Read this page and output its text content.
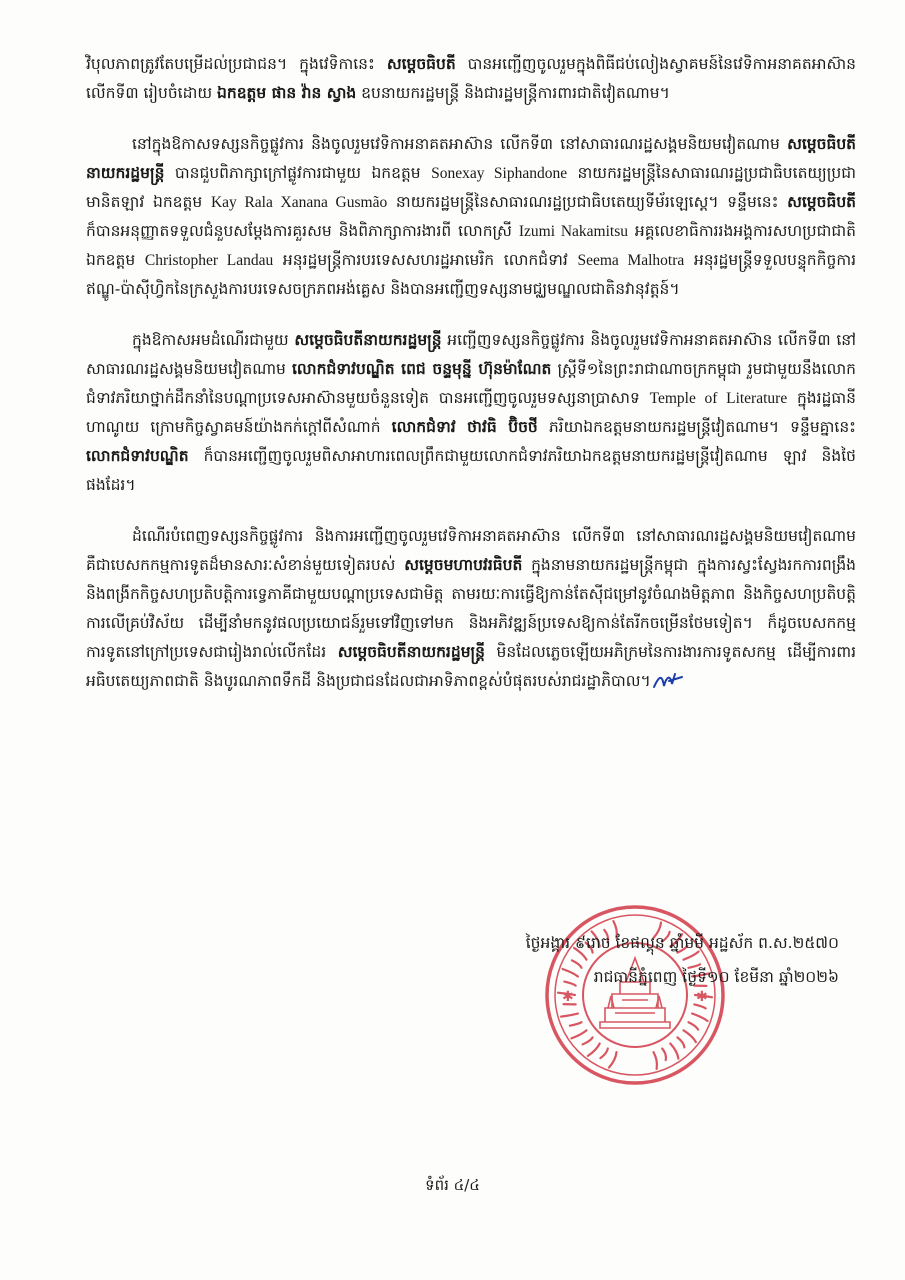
វិបុលភាពត្រូវតែបម្រើដល់ប្រជាជន។ ក្នុងវេទិកានេះ សម្តេចធិបតី បានអញ្ជើញចូលរួមក្នុងពិធីជប់លៀងស្វាគមន៍នៃវេទិកាអនាគតអាស៊ាន លើកទី៣ រៀបចំដោយ ឯកឧត្តម ផាន វ៉ាន ស្វាង ឧបនាយករដ្ឋមន្ត្រី និងជារដ្ឋមន្ត្រីការពារជាតិវៀតណាម។

នៅក្នុងឱកាសទស្សនកិច្ចផ្លូវការ និងចូលរួមវេទិកាអនាគតអាស៊ាន លើកទី៣ នៅសាធារណរដ្ឋសង្គមនិយមវៀតណាម សម្តេចធិបតីនាយករដ្ឋមន្ត្រី បានជួបពិភាក្សាក្រៅផ្លូវការជាមួយ ឯកឧត្តម Sonexay Siphandone នាយករដ្ឋមន្ត្រីនៃសាធារណរដ្ឋប្រជាធិបតេយ្យប្រជាមានិតឡាវ ឯកឧត្តម Kay Rala Xanana Gusmão នាយករដ្ឋមន្ត្រីនៃសាធារណរដ្ឋប្រជាធិបតេយ្យទីម័រឡេស្តេ។ ទន្ទឹមនេះ សម្តេចធិបតី ក៏បានអនុញ្ញាតទទួលជំនួបសម្តែងការគួរសម និងពិភាក្សាការងារពី លោកស្រី Izumi Nakamitsu អគ្គលេខាធិការរងអង្គការសហប្រជាជាតិ ឯកឧត្តម Christopher Landau អនុរដ្ឋមន្ត្រីការបរទេសសហរដ្ឋអាមេរិក លោកជំទាវ Seema Malhotra អនុរដ្ឋមន្ត្រីទទួលបន្ទុកកិច្ចការឥណ្ឌូ-ប៉ាស៊ីហ្វិកនៃក្រសួងការបរទេសចក្រភពអង់គ្លេស និងបានអញ្ជើញទស្សនាមជ្ឈមណ្ឌលជាតិនវានុវត្តន៍។

ក្នុងឱកាសអមដំណើរជាមួយ សម្តេចធិបតីនាយករដ្ឋមន្ត្រី អញ្ជើញទស្សនកិច្ចផ្លូវការ និងចូលរួមវេទិកាអនាគតអាស៊ាន លើកទី៣ នៅសាធារណរដ្ឋសង្គមនិយមវៀតណាម លោកជំទាវបណ្ឌិត ពេជ ចន្ទមុន្នី ហ៊ុនម៉ាណែត ស្ត្រីទី១នៃព្រះរាជាណាចក្រកម្ពុជា រួមជាមួយនឹងលោកជំទាវភរិយាថ្នាក់ដឹកនាំនៃបណ្តាប្រទេសអាស៊ានមួយចំនួនទៀត បានអញ្ជើញចូលរួមទស្សនាប្រាសាទ Temple of Literature ក្នុងរដ្ឋធានីហាណូយ ក្រោមកិច្ចស្វាគមន៍យ៉ាងកក់ក្តៅពីសំណាក់ លោកជំទាវ ថាវធិ ប៊ិចថី ភរិយាឯកឧត្តមនាយករដ្ឋមន្ត្រីវៀតណាម។ ទន្ទឹមគ្នានេះ លោកជំទាវបណ្ឌិត ក៏បានអញ្ជើញចូលរួមពិសាអាហារពេលព្រឹកជាមួយលោកជំទាវភរិយាឯកឧត្តមនាយករដ្ឋមន្ត្រីវៀតណាម ឡាវ និងថៃ ផងដែរ។

ដំណើរបំពេញទស្សនកិច្ចផ្លូវការ និងការអញ្ជើញចូលរួមវេទិកាអនាគតអាស៊ាន លើកទី៣ នៅសាធារណរដ្ឋសង្គមនិយមវៀតណាម គឺជាបេសកកម្មការទូតដ៏មានសារៈសំខាន់មួយទៀតរបស់ សម្តេចមហាបវរធិបតី ក្នុងនាមនាយករដ្ឋមន្ត្រីកម្ពុជា ក្នុងការស្វះស្វែងរកការពង្រឹងនិងពង្រីកកិច្ចសហប្រតិបត្តិការទ្វេភាគីជាមួយបណ្តាប្រទេសជាមិត្ត តាមរយៈការធ្វើឱ្យកាន់តែស៊ីជម្រៅនូវចំណងមិត្តភាព និងកិច្ចសហប្រតិបត្តិការលើគ្រប់វិស័យ ដើម្បីនាំមកនូវផលប្រយោជន៍រួមទៅវិញទៅមក និងអភិវឌ្ឍន៍ប្រទេសឱ្យកាន់តែរីកចម្រើនថែមទៀត។ ក៏ដូចបេសកកម្មការទូតនៅក្រៅប្រទេសជារៀងរាល់លើកដែរ សម្តេចធិបតីនាយករដ្ឋមន្ត្រី មិនដែលភ្លេចឡើយអភិក្រមនៃការងារការទូតសកម្ម ដើម្បីការពារអធិបតេយ្យភាពជាតិ និងបូរណភាពទឹកដី និងប្រជាជនដែលជាអាទិភាពខ្ពស់បំផុតរបស់រាជរដ្ឋាភិបាល។

✱	✱
ថ្ងៃអង្គារ ៩រោច ខែផល្គុន ឆ្នាំមមី អដ្ឋស័ក ព.ស.២៥៧០
រាជធានីភ្នំពេញ ថ្ងៃទី១០ ខែមីនា ឆ្នាំ២០២៦
ទំព័រ ៤/៤
